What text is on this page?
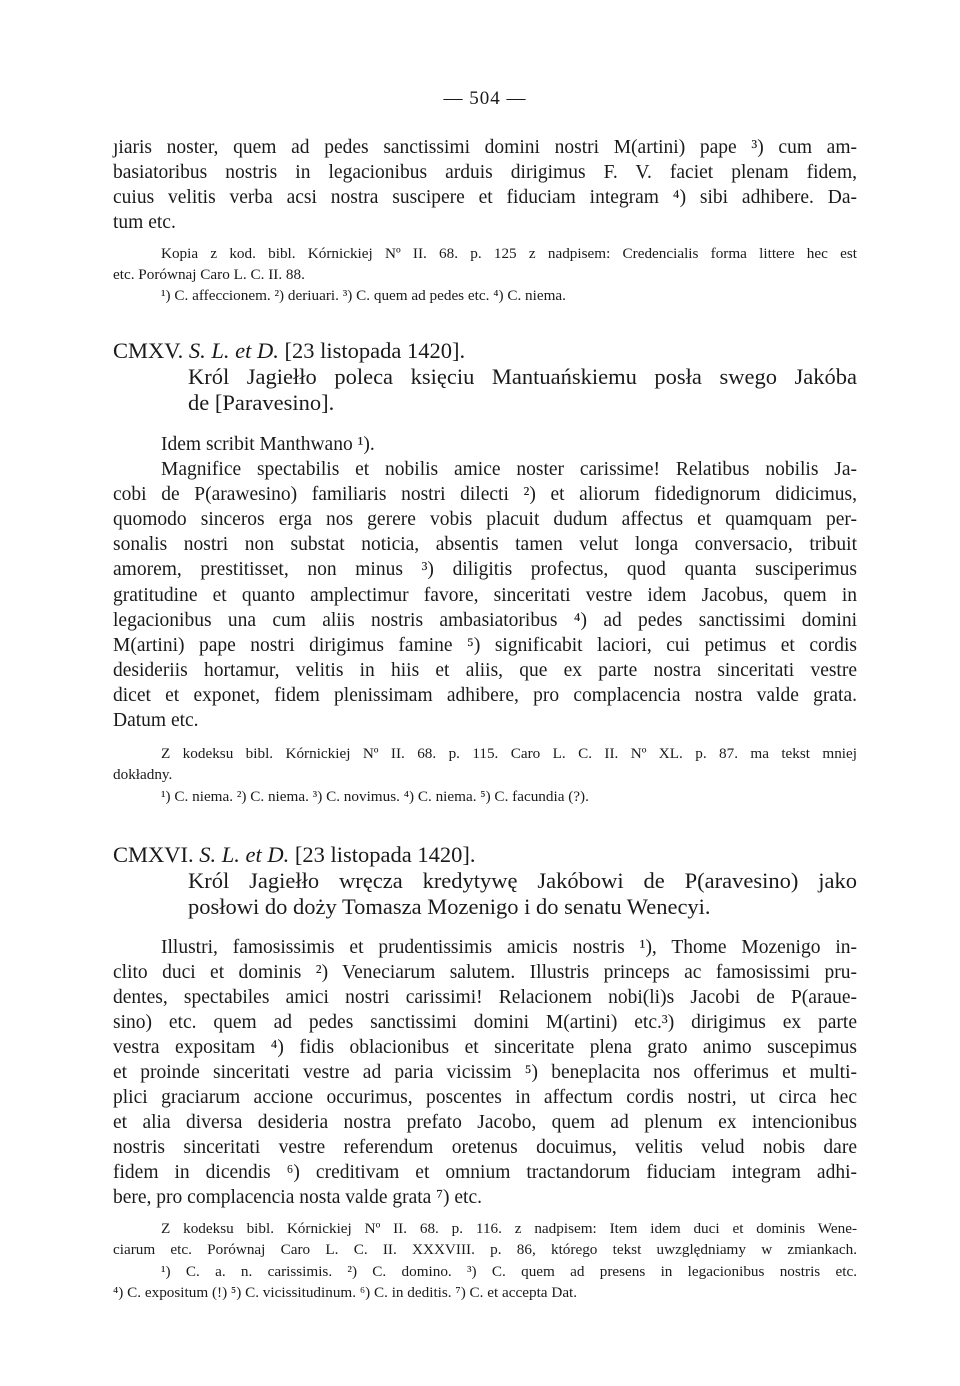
— 504 —
ȷiaris noster, quem ad pedes sanctissimi domini nostri M(artini) pape ³) cum am-
basiatoribus nostris in legacionibus arduis dirigimus F. V. faciet plenam fidem,
cuius velitis verba acsi nostra suscipere et fiduciam integram ⁴) sibi adhibere. Da-
tum etc.
Kopia z kod. bibl. Kórnickiej Nº II. 68. p. 125 z nadpisem: Credencialis forma littere hec est
etc. Porównaj Caro L. C. II. 88.
¹) C. affeccionem. ²) deriuari. ³) C. quem ad pedes etc. ⁴) C. niema.
CMXV. S. L. et D. [23 listopada 1420].
Król Jagiełło poleca księciu Mantuańskiemu posła swego Jakóba
de [Paravesino].
Idem scribit Manthwano ¹).
Magnifice spectabilis et nobilis amice noster carissime! Relatibus nobilis Ja-
cobi de P(arawesino) familiaris nostri dilecti ²) et aliorum fidedignorum didicimus,
quomodo sinceros erga nos gerere vobis placuit dudum affectus et quamquam per-
sonalis nostri non substat noticia, absentis tamen velut longa conversacio, tribuit
amorem, prestitisset, non minus ³) diligitis profectus, quod quanta susciperimus
gratitudine et quanto amplectimur favore, sinceritati vestre idem Jacobus, quem in
legacionibus una cum aliis nostris ambasiatoribus ⁴) ad pedes sanctissimi domini
M(artini) pape nostri dirigimus famine ⁵) significabit laciori, cui petimus et cordis
desideriis hortamur, velitis in hiis et aliis, que ex parte nostra sinceritati vestre
dicet et exponet, fidem plenissimam adhibere, pro complacencia nostra valde grata.
Datum etc.
Z kodeksu bibl. Kórnickiej Nº II. 68. p. 115. Caro L. C. II. Nº XL. p. 87. ma tekst mniej
dokładny.
¹) C. niema. ²) C. niema. ³) C. novimus. ⁴) C. niema. ⁵) C. facundia (?).
CMXVI. S. L. et D. [23 listopada 1420].
Król Jagiełło wręcza kredytywę Jakóbowi de P(aravesino) jako
posłowi do doży Tomasza Mozenigo i do senatu Wenecyi.
Illustri, famosissimis et prudentissimis amicis nostris ¹), Thome Mozenigo in-
clito duci et dominis ²) Veneciarum salutem. Illustris princeps ac famosissimi pru-
dentes, spectabiles amici nostri carissimi! Relacionem nobi(li)s Jacobi de P(araue-
sino) etc. quem ad pedes sanctissimi domini M(artini) etc.³) dirigimus ex parte
vestra expositam ⁴) fidis oblacionibus et sinceritate plena grato animo suscepimus
et proinde sinceritati vestre ad paria vicissim ⁵) beneplacita nos offerimus et multi-
plici graciarum accione occurimus, poscentes in affectum cordis nostri, ut circa hec
et alia diversa desideria nostra prefato Jacobo, quem ad plenum ex intencionibus
nostris sinceritati vestre referendum oretenus docuimus, velitis velud nobis dare
fidem in dicendis ⁶) creditivam et omnium tractandorum fiduciam integram adhi-
bere, pro complacencia nosta valde grata ⁷) etc.
Z kodeksu bibl. Kórnickiej Nº II. 68. p. 116. z nadpisem: Item idem duci et dominis Wene-
ciarum etc. Porównaj Caro L. C. II. XXXVIII. p. 86, którego tekst uwzględniamy w zmiankach.
¹) C. a. n. carissimis. ²) C. domino. ³) C. quem ad presens in legacionibus nostris etc.
⁴) C. expositum (!) ⁵) C. vicissitudinum. ⁶) C. in deditis. ⁷) C. et accepta Dat.
